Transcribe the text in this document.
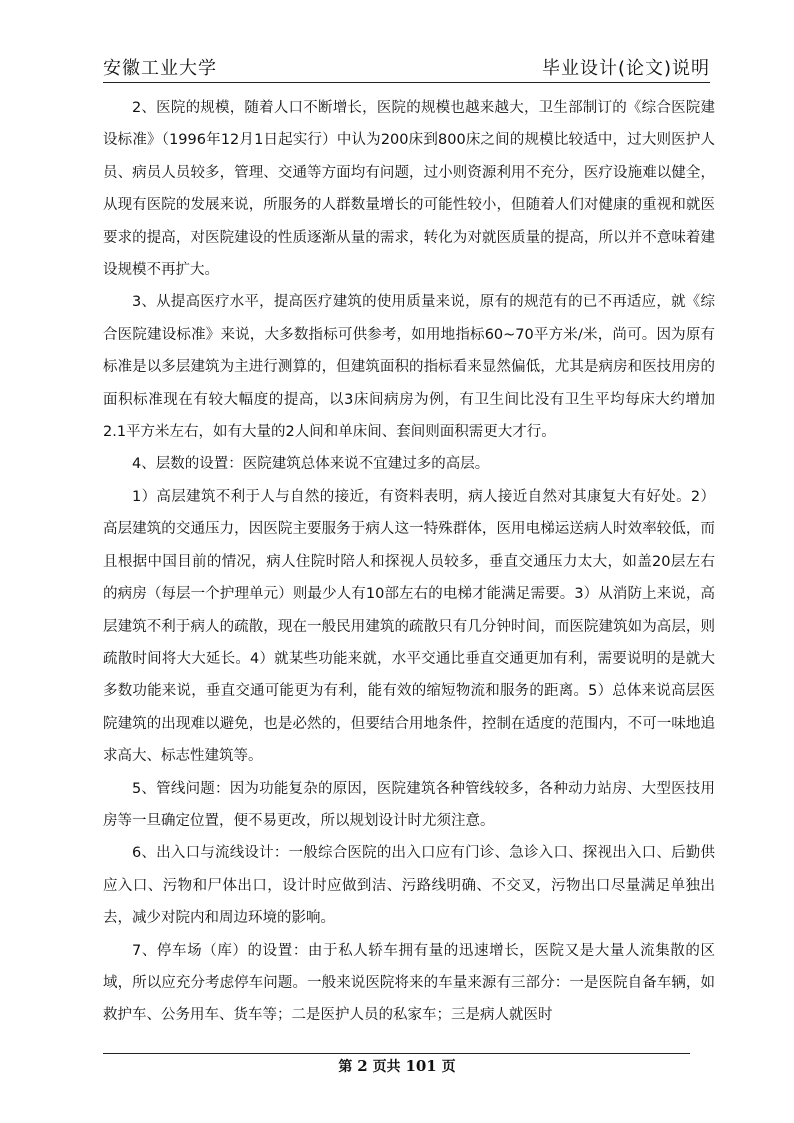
安徽工业大学	毕业设计(论文)说明

2、医院的规模，随着人口不断增长，医院的规模也越来越大，卫生部制订的《综合医院建设标准》（1996年12月1日起实行）中认为200床到800床之间的规模比较适中，过大则医护人员、病员人员较多，管理、交通等方面均有问题，过小则资源利用不充分，医疗设施难以健全，从现有医院的发展来说，所服务的人群数量增长的可能性较小，但随着人们对健康的重视和就医要求的提高，对医院建设的性质逐渐从量的需求，转化为对就医质量的提高，所以并不意味着建设规模不再扩大。

3、从提高医疗水平，提高医疗建筑的使用质量来说，原有的规范有的已不再适应，就《综合医院建设标准》来说，大多数指标可供参考，如用地指标60~70平方米/米，尚可。因为原有标准是以多层建筑为主进行测算的，但建筑面积的指标看来显然偏低，尤其是病房和医技用房的面积标准现在有较大幅度的提高，以3床间病房为例，有卫生间比没有卫生平均每床大约增加2.1平方米左右，如有大量的2人间和单床间、套间则面积需更大才行。

4、层数的设置：医院建筑总体来说不宜建过多的高层。

1）高层建筑不利于人与自然的接近，有资料表明，病人接近自然对其康复大有好处。2）高层建筑的交通压力，因医院主要服务于病人这一特殊群体，医用电梯运送病人时效率较低，而且根据中国目前的情况，病人住院时陪人和探视人员较多，垂直交通压力太大，如盖20层左右的病房（每层一个护理单元）则最少人有10部左右的电梯才能满足需要。3）从消防上来说，高层建筑不利于病人的疏散，现在一般民用建筑的疏散只有几分钟时间，而医院建筑如为高层，则疏散时间将大大延长。4）就某些功能来就，水平交通比垂直交通更加有利，需要说明的是就大多数功能来说，垂直交通可能更为有利，能有效的缩短物流和服务的距离。5）总体来说高层医院建筑的出现难以避免，也是必然的，但要结合用地条件，控制在适度的范围内，不可一味地追求高大、标志性建筑等。

5、管线问题：因为功能复杂的原因，医院建筑各种管线较多，各种动力站房、大型医技用房等一旦确定位置，便不易更改，所以规划设计时尤须注意。

6、出入口与流线设计：一般综合医院的出入口应有门诊、急诊入口、探视出入口、后勤供应入口、污物和尸体出口，设计时应做到洁、污路线明确、不交叉，污物出口尽量满足单独出去，减少对院内和周边环境的影响。

7、停车场（库）的设置：由于私人轿车拥有量的迅速增长，医院又是大量人流集散的区域，所以应充分考虑停车问题。一般来说医院将来的车量来源有三部分：一是医院自备车辆，如救护车、公务用车、货车等；二是医护人员的私家车；三是病人就医时

第 2 页共 101 页
